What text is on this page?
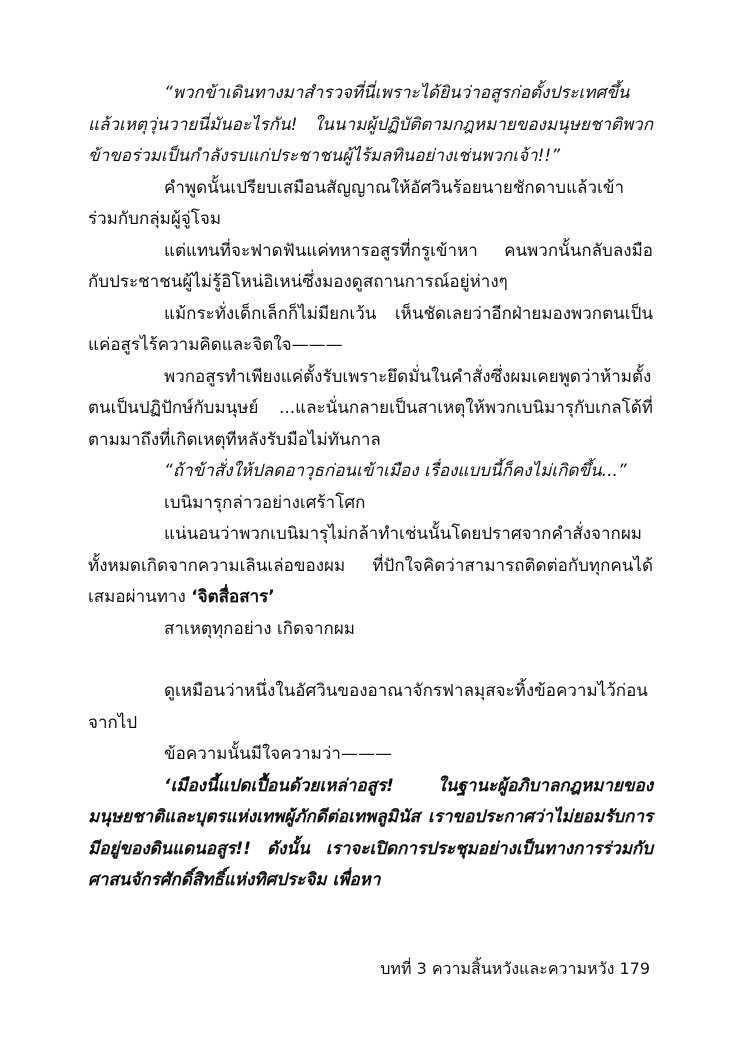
“พวกข้าเดินทางมาสำรวจที่นี่เพราะได้ยินว่าอสูรก่อตั้งประเทศขึ้นแล้วเหตุวุ่นวายนี่มันอะไรกัน! ในนามผู้ปฏิบัติตามกฎหมายของมนุษยชาติพวกข้าขอร่วมเป็นกำลังรบแก่ประชาชนผู้ไร้มลทินอย่างเช่นพวกเจ้า!!”

คำพูดนั้นเปรียบเสมือนสัญญาณให้อัศวินร้อยนายชักดาบแล้วเข้าร่วมกับกลุ่มผู้จู่โจม

แต่แทนที่จะฟาดฟันแค่ทหารอสูรที่กรูเข้าหา คนพวกนั้นกลับลงมือกับประชาชนผู้ไม่รู้อิโหน่อิเหน่ซึ่งมองดูสถานการณ์อยู่ห่างๆ

แม้กระทั่งเด็กเล็กก็ไม่มียกเว้น เห็นชัดเลยว่าอีกฝ่ายมองพวกตนเป็นแค่อสูรไร้ความคิดและจิตใจ———

พวกอสูรทำเพียงแค่ตั้งรับเพราะยึดมั่นในคำสั่งซึ่งผมเคยพูดว่าห้ามตั้งตนเป็นปฏิปักษ์กับมนุษย์ ...และนั่นกลายเป็นสาเหตุให้พวกเบนิมารุกับเกลโด้ที่ตามมาถึงที่เกิดเหตุทีหลังรับมือไม่ทันกาล

“ถ้าข้าสั่งให้ปลดอาวุธก่อนเข้าเมือง เรื่องแบบนี้ก็คงไม่เกิดขึ้น...”

เบนิมารุกล่าวอย่างเศร้าโศก

แน่นอนว่าพวกเบนิมารุไม่กล้าทำเช่นนั้นโดยปราศจากคำสั่งจากผม ทั้งหมดเกิดจากความเลินเล่อของผม ที่ปักใจคิดว่าสามารถติดต่อกับทุกคนได้เสมอผ่านทาง ‘จิตสื่อสาร’

สาเหตุทุกอย่าง เกิดจากผม

ดูเหมือนว่าหนึ่งในอัศวินของอาณาจักรฟาลมุสจะทิ้งข้อความไว้ก่อนจากไป

ข้อความนั้นมีใจความว่า———

‘เมืองนี้แปดเปื้อนด้วยเหล่าอสูร! ในฐานะผู้อภิบาลกฎหมายของมนุษยชาติและบุตรแห่งเทพผู้ภักดีต่อเทพลูมินัส เราขอประกาศว่าไม่ยอมรับการมีอยู่ของดินแดนอสูร!! ดังนั้น เราจะเปิดการประชุมอย่างเป็นทางการร่วมกับศาสนจักรศักดิ์สิทธิ์แห่งทิศประจิม เพื่อหา

บทที่ 3 ความสิ้นหวังและความหวัง 179
